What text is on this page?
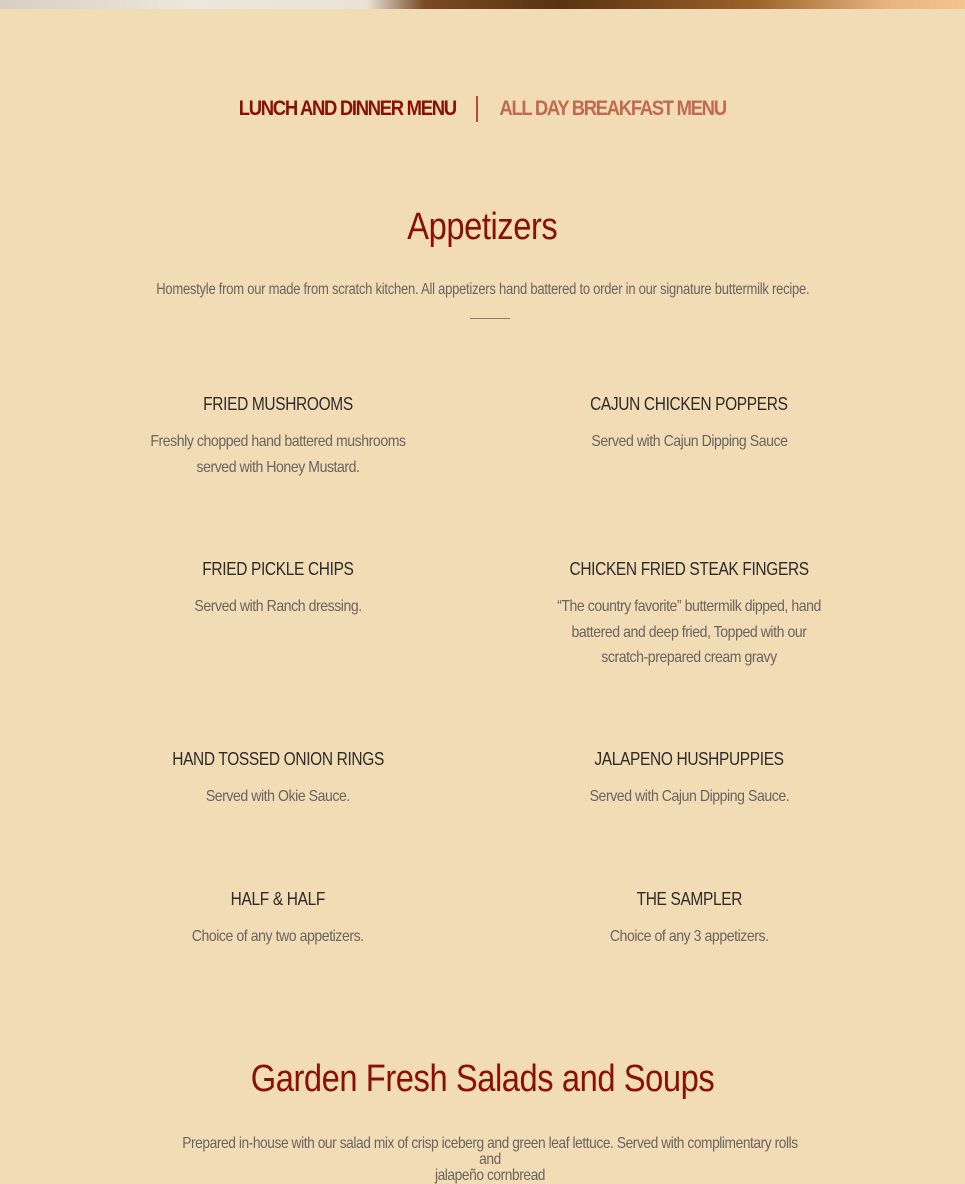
LUNCH AND DINNER MENU ALL DAY BREAKFAST MENU
Appetizers

Homestyle from our made from scratch kitchen. All appetizers hand battered to order in our signature buttermilk recipe.

FRIED MUSHROOMS
Freshly chopped hand battered mushrooms served with Honey Mustard.
CAJUN CHICKEN POPPERS
Served with Cajun Dipping Sauce
FRIED PICKLE CHIPS
Served with Ranch dressing.
CHICKEN FRIED STEAK FINGERS
“The country favorite” buttermilk dipped, hand battered and deep fried, Topped with our scratch-prepared cream gravy
HAND TOSSED ONION RINGS
Served with Okie Sauce.
JALAPENO HUSHPUPPIES
Served with Cajun Dipping Sauce.
HALF & HALF
Choice of any two appetizers.
THE SAMPLER
Choice of any 3 appetizers.
Garden Fresh Salads and Soups
Prepared in-house with our salad mix of crisp iceberg and green leaf lettuce. Served with complimentary rolls and
jalapeño cornbread
